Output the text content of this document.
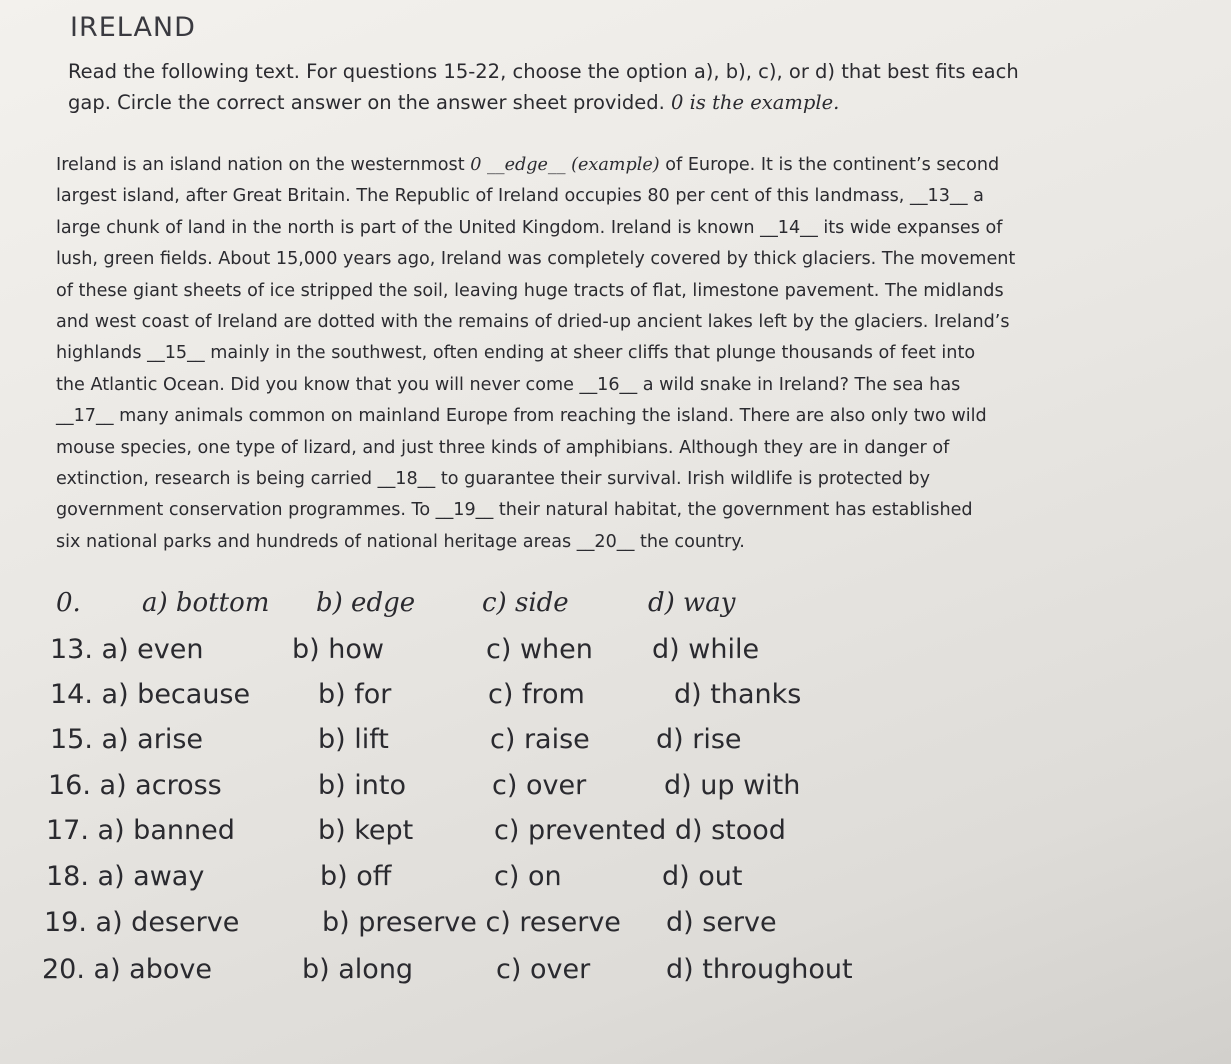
IRELAND
Read the following text. For questions 15-22, choose the option a), b), c), or d) that best fits each
gap. Circle the correct answer on the answer sheet provided. 0 is the example.
Ireland is an island nation on the westernmost 0 __edge__ (example) of Europe. It is the continent’s second
largest island, after Great Britain. The Republic of Ireland occupies 80 per cent of this landmass, __13__ a
large chunk of land in the north is part of the United Kingdom. Ireland is known __14__ its wide expanses of
lush, green fields. About 15,000 years ago, Ireland was completely covered by thick glaciers. The movement
of these giant sheets of ice stripped the soil, leaving huge tracts of flat, limestone pavement. The midlands
and west coast of Ireland are dotted with the remains of dried-up ancient lakes left by the glaciers. Ireland’s
highlands __15__ mainly in the southwest, often ending at sheer cliffs that plunge thousands of feet into
the Atlantic Ocean. Did you know that you will never come __16__ a wild snake in Ireland? The sea has
__17__ many animals common on mainland Europe from reaching the island. There are also only two wild
mouse species, one type of lizard, and just three kinds of amphibians. Although they are in danger of
extinction, research is being carried __18__ to guarantee their survival. Irish wildlife is protected by
government conservation programmes. To __19__ their natural habitat, the government has established
six national parks and hundreds of national heritage areas __20__ the country.
0. a) bottom b) edge	c) side	d) way
13. a) even	b) how	c) when d) while
14. a) because	b) for	c) from	d) thanks
15. a) arise	b) lift	c) raise d) rise
16. a) across	b) into	c) over	d) up with
17. a) banned	b) kept	c) prevented d) stood
18. a) away	b) off	c) on	d) out
19. a) deserve	b) preserve c) reserve d) serve
20. a) above	b) along	c) over	d) throughout
